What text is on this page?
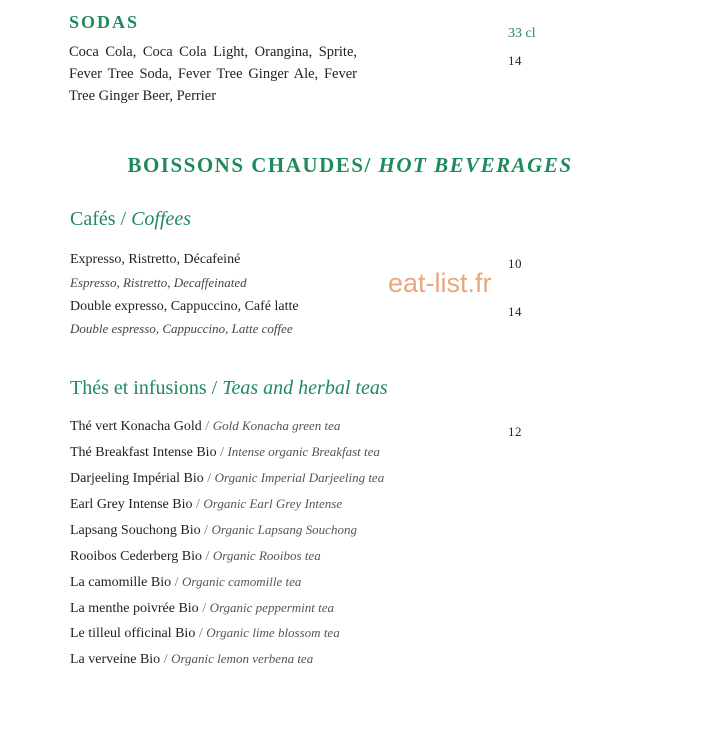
SODAS
Coca Cola, Coca Cola Light, Orangina, Sprite, Fever Tree Soda, Fever Tree Ginger Ale, Fever Tree Ginger Beer, Perrier
33 cl
14
BOISSONS CHAUDES/ HOT BEVERAGES
Cafés / Coffees
Expresso, Ristretto, Décafeiné
Espresso, Ristretto, Decaffeinated
10
Double expresso, Cappuccino, Café latte
Double espresso, Cappuccino, Latte coffee
14
eat-list.fr
Thés et infusions / Teas and herbal teas
12
Thé vert Konacha Gold / Gold Konacha green tea
Thé Breakfast Intense Bio / Intense organic Breakfast tea
Darjeeling Impérial Bio / Organic Imperial Darjeeling tea
Earl Grey Intense Bio / Organic Earl Grey Intense
Lapsang Souchong Bio / Organic Lapsang Souchong
Rooibos Cederberg Bio / Organic Rooibos tea
La camomille Bio / Organic camomille tea
La menthe poivrée Bio / Organic peppermint tea
Le tilleul officinal Bio / Organic lime blossom tea
La verveine Bio / Organic lemon verbena tea
